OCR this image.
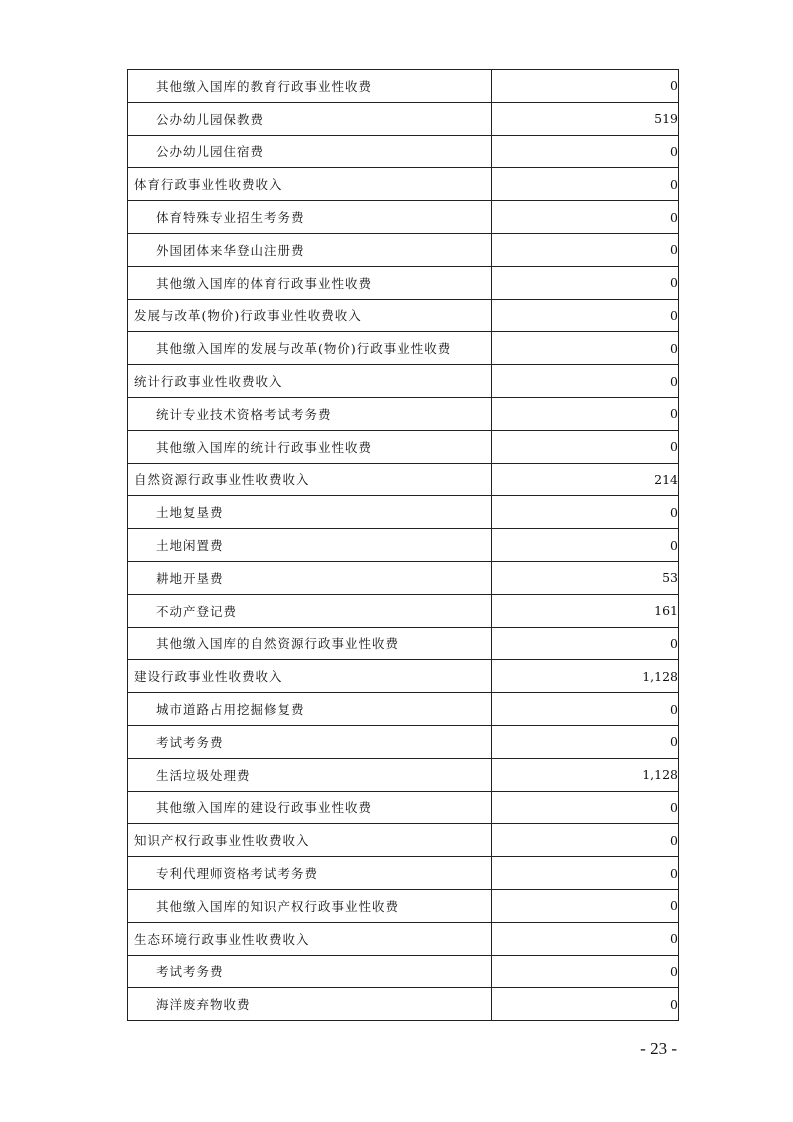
其他缴入国库的教育行政事业性收费	0
公办幼儿园保教费	519
公办幼儿园住宿费	0
体育行政事业性收费收入	0
体育特殊专业招生考务费	0
外国团体来华登山注册费	0
其他缴入国库的体育行政事业性收费	0
发展与改革(物价)行政事业性收费收入	0
其他缴入国库的发展与改革(物价)行政事业性收费	0
统计行政事业性收费收入	0
统计专业技术资格考试考务费	0
其他缴入国库的统计行政事业性收费	0
自然资源行政事业性收费收入	214
土地复垦费	0
土地闲置费	0
耕地开垦费	53
不动产登记费	161
其他缴入国库的自然资源行政事业性收费	0
建设行政事业性收费收入	1,128
城市道路占用挖掘修复费	0
考试考务费	0
生活垃圾处理费	1,128
其他缴入国库的建设行政事业性收费	0
知识产权行政事业性收费收入	0
专利代理师资格考试考务费	0
其他缴入国库的知识产权行政事业性收费	0
生态环境行政事业性收费收入	0
考试考务费	0
海洋废弃物收费	0
- 23 -
